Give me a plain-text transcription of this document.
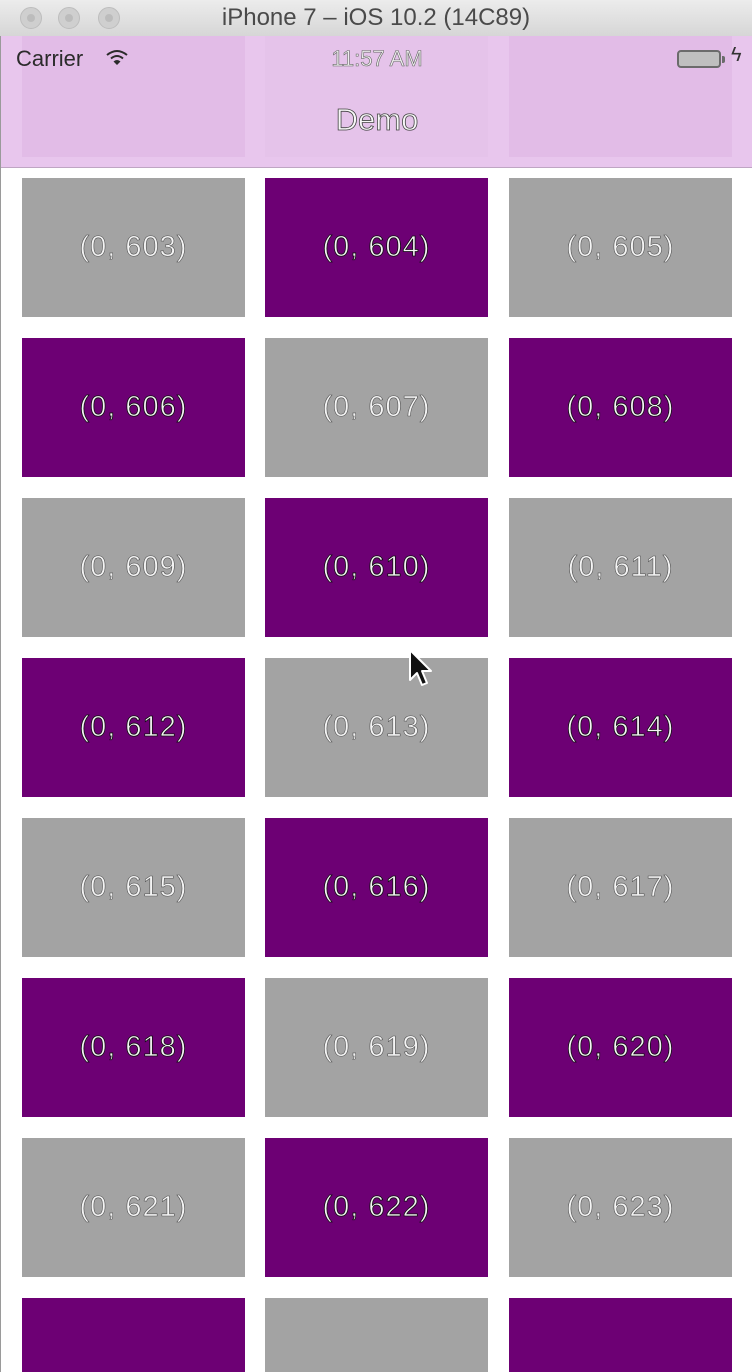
iPhone 7 – iOS 10.2 (14C89)
(0, 603)	(0, 604)	(0, 605)
(0, 606)	(0, 607)	(0, 608)
(0, 609)	(0, 610)	(0, 611)
(0, 612)	(0, 613)	(0, 614)
(0, 615)	(0, 616)	(0, 617)
(0, 618)	(0, 619)	(0, 620)
(0, 621)	(0, 622)	(0, 623)
Carrier	11:57 AM	ϟ
Demo
